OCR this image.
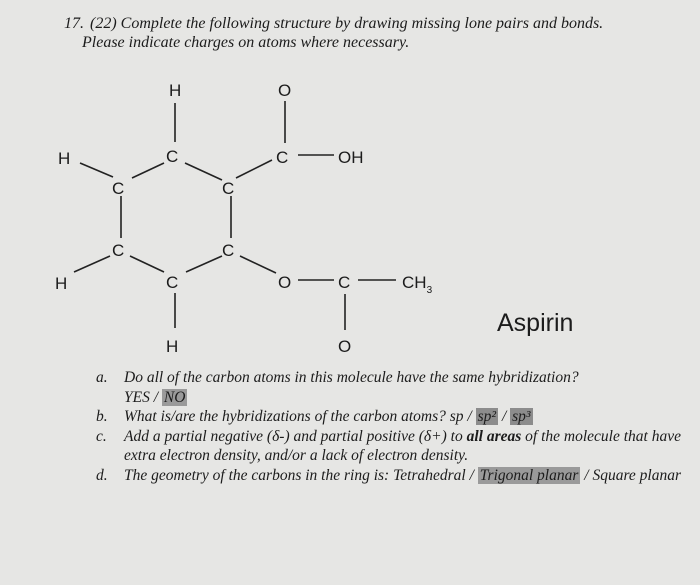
17. (22) Complete the following structure by drawing missing lone pairs and bonds.
Please indicate charges on atoms where necessary.
H	O
H	C	C	OH
C	C
C	C
H	C	O	C	$CH_3$
H	O
Aspirin
a. Do all of the carbon atoms in this molecule have the same hybridization?
YES / NO
b. What is/are the hybridizations of the carbon atoms? sp / sp² / sp³
c. Add a partial negative (δ-) and partial positive (δ+) to all areas of the molecule that have extra electron density, and/or a lack of electron density.
d. The geometry of the carbons in the ring is: Tetrahedral / Trigonal planar / Square planar
